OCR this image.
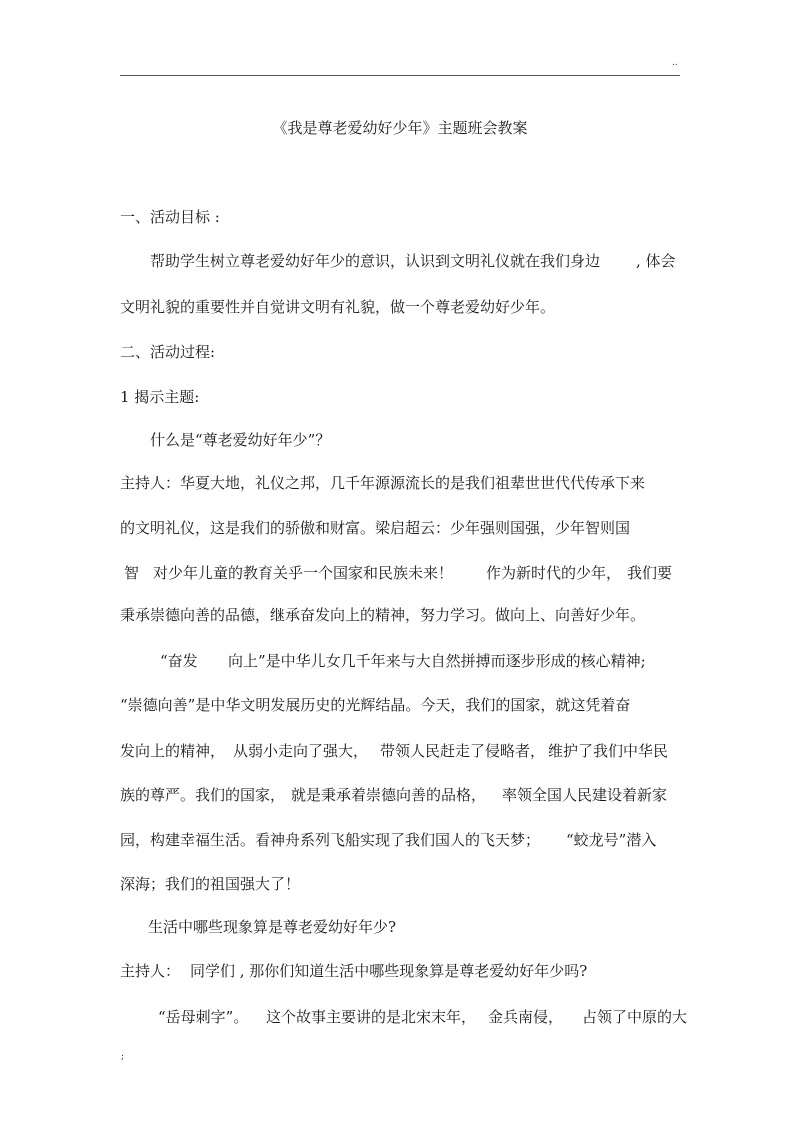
..
《我是尊老爱幼好少年》主题班会教案
一、活动目标 :
帮助学生树立尊老爱幼好年少的意识，认识到文明礼仪就在我们身边 , 体会
文明礼貌的重要性并自觉讲文明有礼貌，做一个尊老爱幼好少年。
二、活动过程:
1 揭示主题:
什么是“尊老爱幼好年少”？
主持人：华夏大地，礼仪之邦，几千年源源流长的是我们祖辈世世代代传承下来
的文明礼仪，这是我们的骄傲和财富。梁启超云：少年强则国强，少年智则国
智 对少年儿童的教育关乎一个国家和民族未来！ 作为新时代的少年， 我们要
秉承崇德向善的品德，继承奋发向上的精神，努力学习。做向上、向善好少年。
“奋发 向上”是中华儿女几千年来与大自然拼搏而逐步形成的核心精神;
“崇德向善”是中华文明发展历史的光辉结晶。今天，我们的国家，就这凭着奋
发向上的精神， 从弱小走向了强大， 带领人民赶走了侵略者， 维护了我们中华民
族的尊严。我们的国家， 就是秉承着崇德向善的品格， 率领全国人民建设着新家
园，构建幸福生活。看神舟系列飞船实现了我们国人的飞天梦； “蛟龙号”潜入
深海；我们的祖国强大了！
生活中哪些现象算是尊老爱幼好年少?
主持人： 同学们 , 那你们知道生活中哪些现象算是尊老爱幼好年少吗?
“岳母刺字”。 这个故事主要讲的是北宋末年， 金兵南侵， 占领了中原的大
;
